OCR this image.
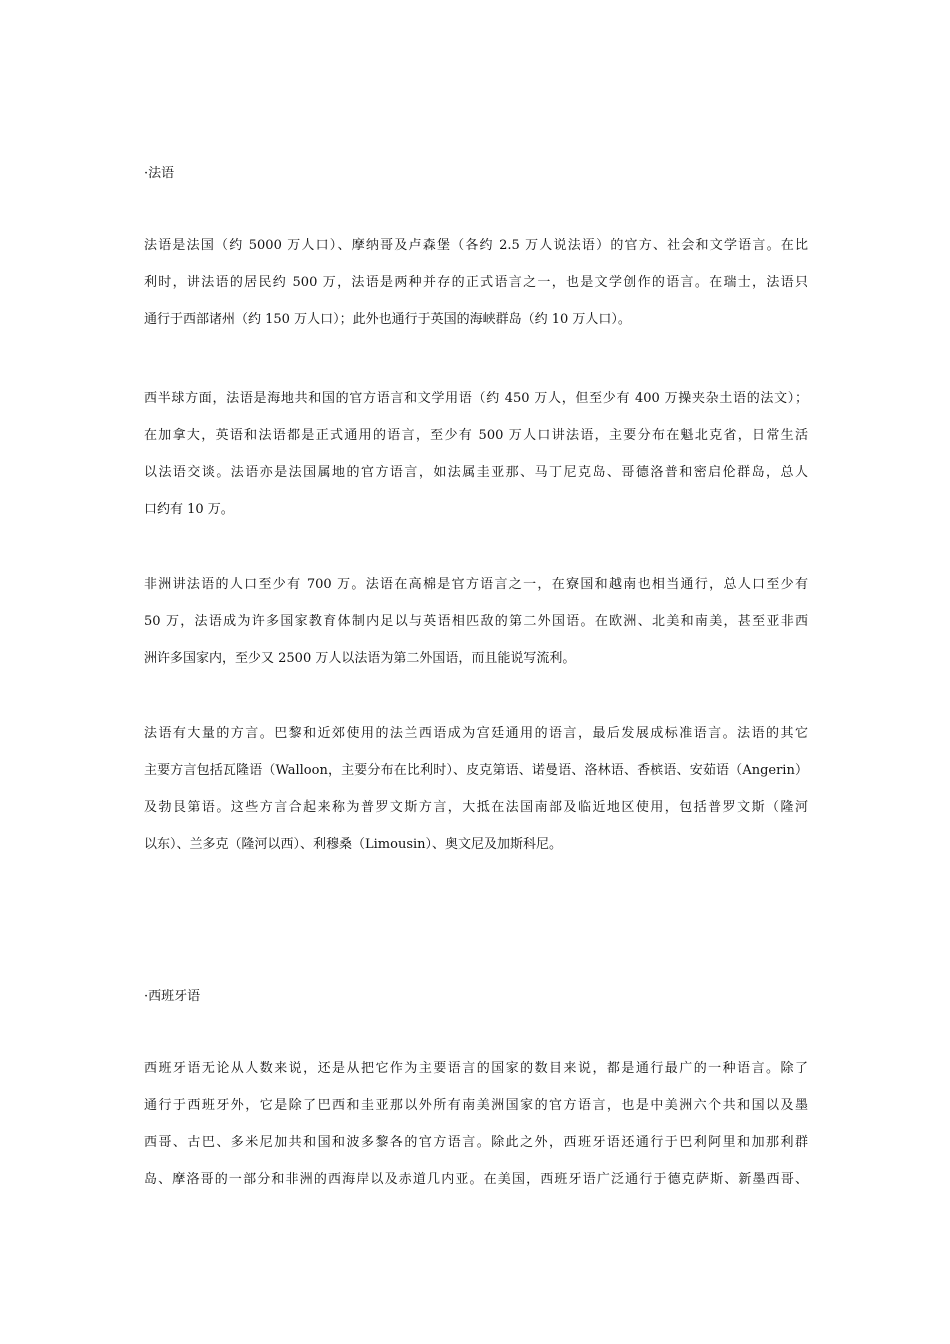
·法语

法语是法国（约 5000 万人口）、摩纳哥及卢森堡（各约 2.5 万人说法语）的官方、社会和文学语言。在比
利时，讲法语的居民约 500 万，法语是两种并存的正式语言之一，也是文学创作的语言。在瑞士，法语只
通行于西部诸州（约 150 万人口）；此外也通行于英国的海峡群岛（约 10 万人口）。

西半球方面，法语是海地共和国的官方语言和文学用语（约 450 万人，但至少有 400 万操夹杂土语的法文）；
在加拿大，英语和法语都是正式通用的语言，至少有 500 万人口讲法语，主要分布在魁北克省，日常生活
以法语交谈。法语亦是法国属地的官方语言，如法属圭亚那、马丁尼克岛、哥德洛普和密启伦群岛，总人
口约有 10 万。

非洲讲法语的人口至少有 700 万。法语在高棉是官方语言之一，在寮国和越南也相当通行，总人口至少有
50 万，法语成为许多国家教育体制内足以与英语相匹敌的第二外国语。在欧洲、北美和南美，甚至亚非西
洲许多国家内，至少又 2500 万人以法语为第二外国语，而且能说写流利。

法语有大量的方言。巴黎和近郊使用的法兰西语成为宫廷通用的语言，最后发展成标准语言。法语的其它
主要方言包括瓦隆语（Walloon，主要分布在比利时）、皮克第语、诺曼语、洛林语、香槟语、安茹语（Angerin）
及勃艮第语。这些方言合起来称为普罗文斯方言，大抵在法国南部及临近地区使用，包括普罗文斯（隆河
以东）、兰多克（隆河以西）、利穆桑（Limousin）、奥文尼及加斯科尼。

·西班牙语

西班牙语无论从人数来说，还是从把它作为主要语言的国家的数目来说，都是通行最广的一种语言。除了
通行于西班牙外，它是除了巴西和圭亚那以外所有南美洲国家的官方语言，也是中美洲六个共和国以及墨
西哥、古巴、多米尼加共和国和波多黎各的官方语言。除此之外，西班牙语还通行于巴利阿里和加那利群
岛、摩洛哥的一部分和非洲的西海岸以及赤道几内亚。在美国，西班牙语广泛通行于德克萨斯、新墨西哥、
